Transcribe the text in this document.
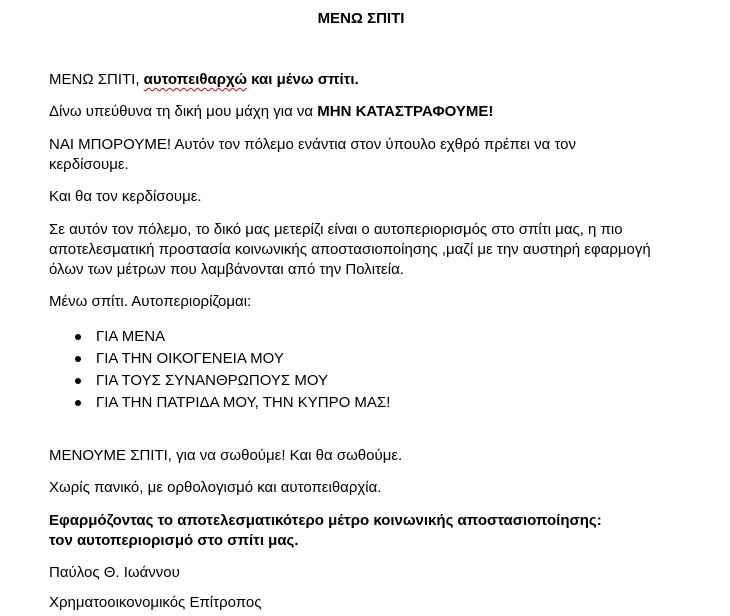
ΜΕΝΩ ΣΠΙΤΙ

ΜΕΝΩ ΣΠΙΤΙ, αυτοπειθαρχώ και μένω σπίτι.

Δίνω υπεύθυνα τη δική μου μάχη για να ΜΗΝ ΚΑΤΑΣΤΡΑΦΟΥΜΕ!

ΝΑΙ ΜΠΟΡΟΥΜΕ! Αυτόν τον πόλεμο ενάντια στον ύπουλο εχθρό πρέπει να τον κερδίσουμε.

Και θα τον κερδίσουμε.

Σε αυτόν τον πόλεμο, το δικό μας μετερίζι είναι ο αυτοπεριορισμός στο σπίτι μας, η πιο αποτελεσματική προστασία κοινωνικής αποστασιοποίησης ,μαζί με την αυστηρή εφαρμογή όλων των μέτρων που λαμβάνονται από την Πολιτεία.

Μένω σπίτι. Αυτοπεριορίζομαι:

ΓΙΑ ΜΕΝΑ
ΓΙΑ ΤΗΝ ΟΙΚΟΓΕΝΕΙΑ ΜΟΥ
ΓΙΑ ΤΟΥΣ ΣΥΝΑΝΘΡΩΠΟΥΣ ΜΟΥ
ΓΙΑ ΤΗΝ ΠΑΤΡΙΔΑ ΜΟΥ, ΤΗΝ ΚΥΠΡΟ ΜΑΣ!

ΜΕΝΟΥΜΕ ΣΠΙΤΙ, για να σωθούμε! Και θα σωθούμε.

Χωρίς πανικό, με ορθολογισμό και αυτοπειθαρχία.

Εφαρμόζοντας το αποτελεσματικότερο μέτρο κοινωνικής αποστασιοποίησης:
τον αυτοπεριορισμό στο σπίτι μας.

Παύλος Θ. Ιωάννου

Χρηματοοικονομικός Επίτροπος
